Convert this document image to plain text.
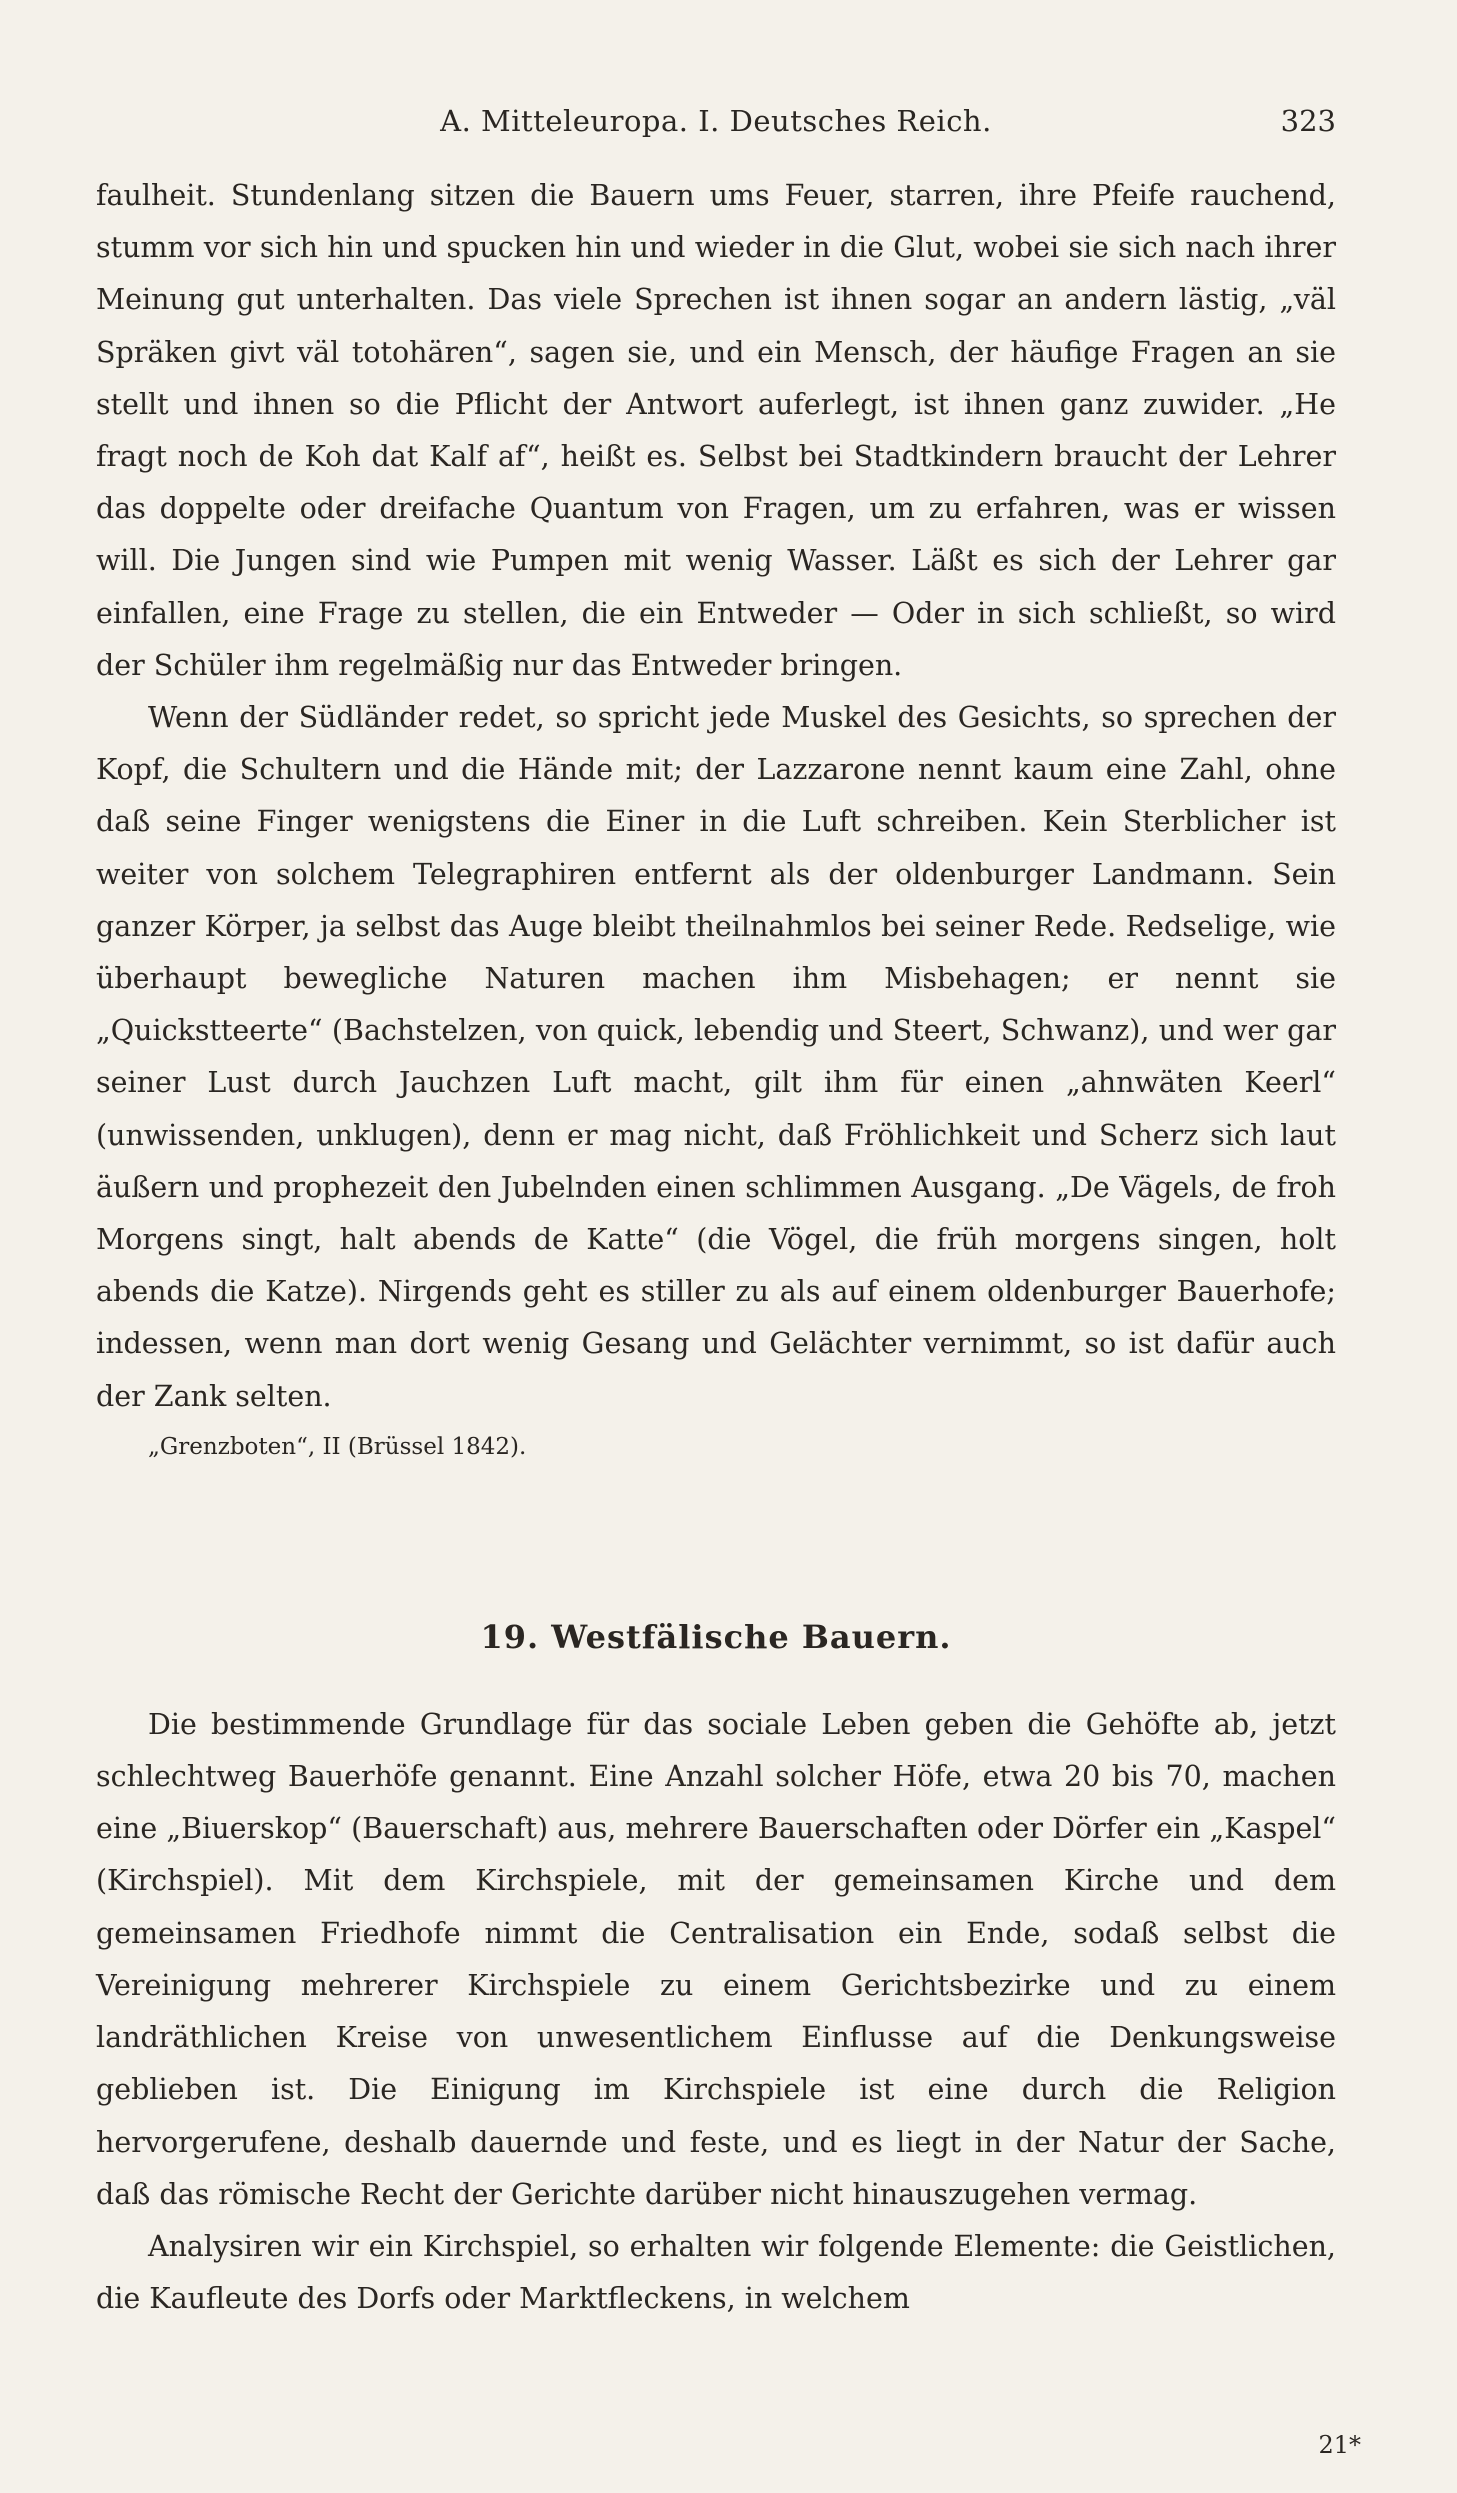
A. Mitteleuropa. I. Deutsches Reich.	323

faulheit. Stundenlang sitzen die Bauern ums Feuer, starren, ihre Pfeife rauchend, stumm vor sich hin und spucken hin und wieder in die Glut, wobei sie sich nach ihrer Meinung gut unterhalten. Das viele Sprechen ist ihnen sogar an andern lästig, „väl Spräken givt väl totohären“, sagen sie, und ein Mensch, der häufige Fragen an sie stellt und ihnen so die Pflicht der Antwort auferlegt, ist ihnen ganz zuwider. „He fragt noch de Koh dat Kalf af“, heißt es. Selbst bei Stadtkindern braucht der Lehrer das doppelte oder dreifache Quantum von Fragen, um zu erfahren, was er wissen will. Die Jungen sind wie Pumpen mit wenig Wasser. Läßt es sich der Lehrer gar einfallen, eine Frage zu stellen, die ein Entweder — Oder in sich schließt, so wird der Schüler ihm regelmäßig nur das Entweder bringen.

Wenn der Südländer redet, so spricht jede Muskel des Gesichts, so sprechen der Kopf, die Schultern und die Hände mit; der Lazzarone nennt kaum eine Zahl, ohne daß seine Finger wenigstens die Einer in die Luft schreiben. Kein Sterblicher ist weiter von solchem Telegraphiren entfernt als der oldenburger Landmann. Sein ganzer Körper, ja selbst das Auge bleibt theilnahmlos bei seiner Rede. Redselige, wie überhaupt bewegliche Naturen machen ihm Misbehagen; er nennt sie „Quickstteerte“ (Bachstelzen, von quick, lebendig und Steert, Schwanz), und wer gar seiner Lust durch Jauchzen Luft macht, gilt ihm für einen „ahnwäten Keerl“ (unwissenden, unklugen), denn er mag nicht, daß Fröhlichkeit und Scherz sich laut äußern und prophezeit den Jubelnden einen schlimmen Ausgang. „De Vägels, de froh Morgens singt, halt abends de Katte“ (die Vögel, die früh morgens singen, holt abends die Katze). Nirgends geht es stiller zu als auf einem oldenburger Bauerhofe; indessen, wenn man dort wenig Gesang und Gelächter vernimmt, so ist dafür auch der Zank selten.

„Grenzboten“, II (Brüssel 1842).

19. Westfälische Bauern.

Die bestimmende Grundlage für das sociale Leben geben die Gehöfte ab, jetzt schlechtweg Bauerhöfe genannt. Eine Anzahl solcher Höfe, etwa 20 bis 70, machen eine „Biuerskop“ (Bauerschaft) aus, mehrere Bauerschaften oder Dörfer ein „Kaspel“ (Kirchspiel). Mit dem Kirchspiele, mit der gemeinsamen Kirche und dem gemeinsamen Friedhofe nimmt die Centralisation ein Ende, sodaß selbst die Vereinigung mehrerer Kirchspiele zu einem Gerichtsbezirke und zu einem landräthlichen Kreise von unwesentlichem Einflusse auf die Denkungsweise geblieben ist. Die Einigung im Kirchspiele ist eine durch die Religion hervorgerufene, deshalb dauernde und feste, und es liegt in der Natur der Sache, daß das römische Recht der Gerichte darüber nicht hinauszugehen vermag.

Analysiren wir ein Kirchspiel, so erhalten wir folgende Elemente: die Geistlichen, die Kaufleute des Dorfs oder Marktfleckens, in welchem

21*
